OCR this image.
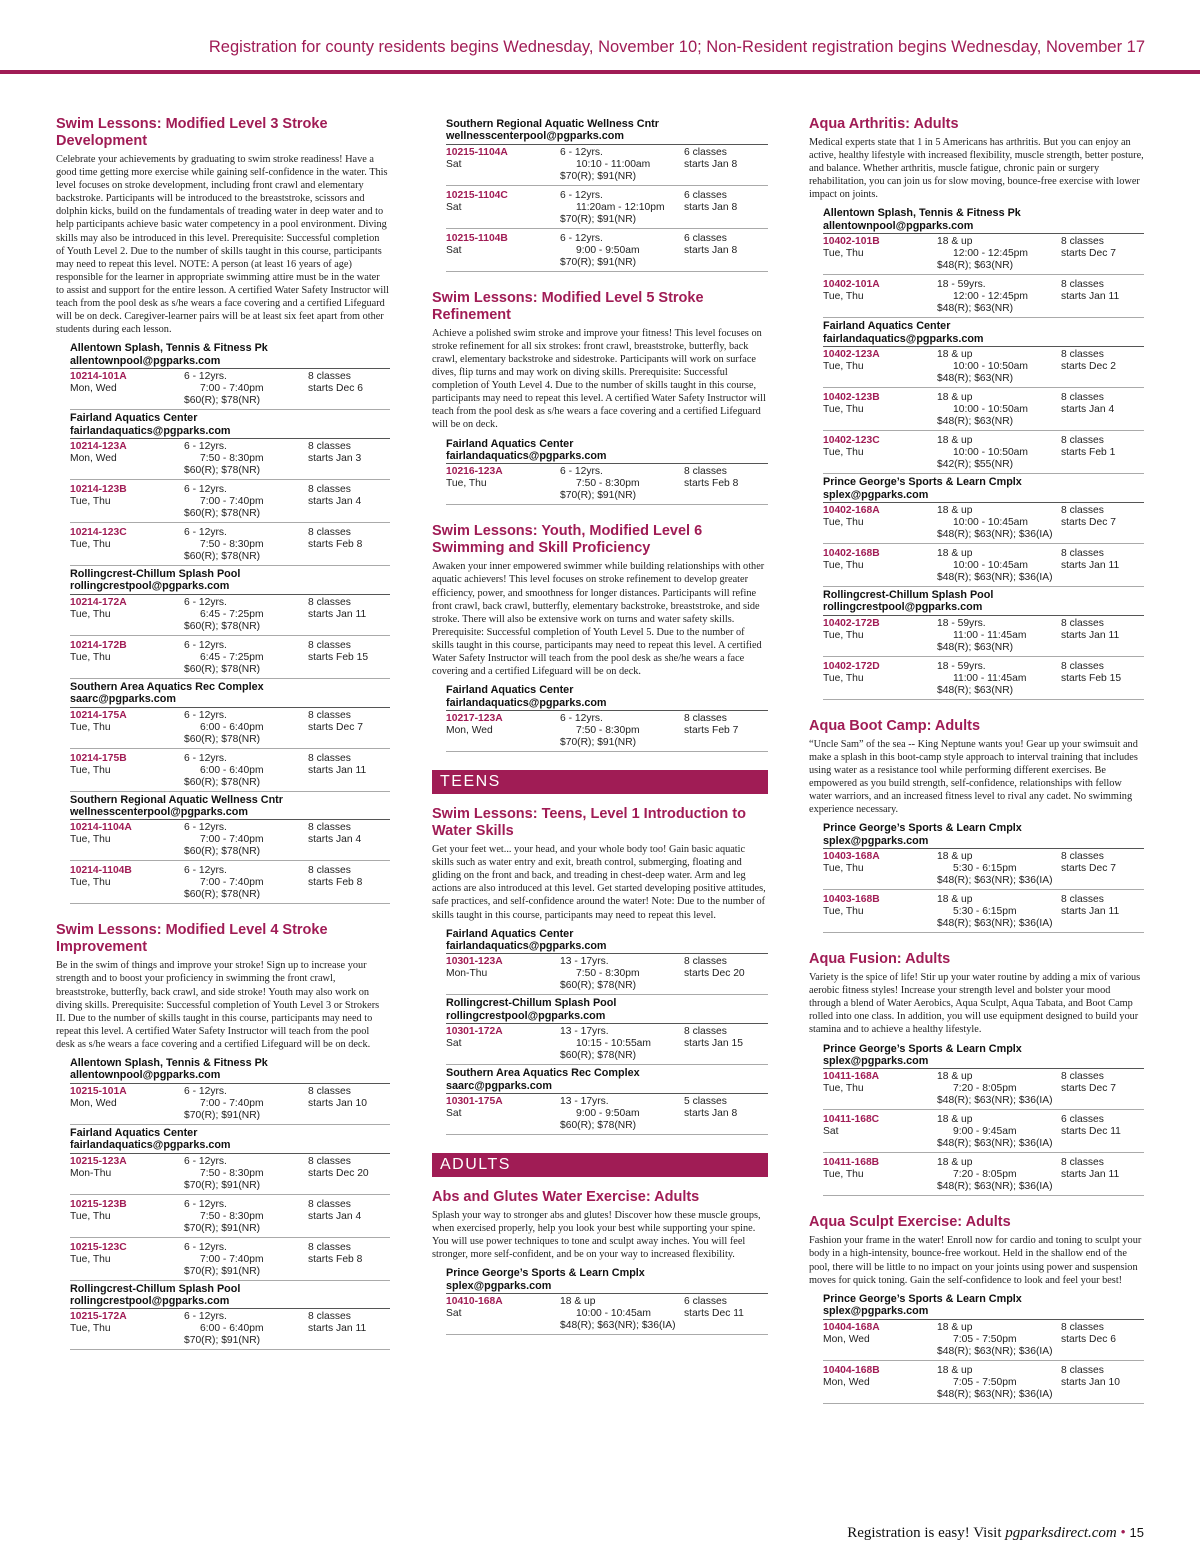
Registration for county residents begins Wednesday, November 10; Non-Resident registration begins Wednesday, November 17
Swim Lessons: Modified Level 3 Stroke Development

Celebrate your achievements by graduating to swim stroke readiness! Have a good time getting more exercise while gaining self-confidence in the water. This level focuses on stroke development, including front crawl and elementary backstroke. Participants will be introduced to the breaststroke, scissors and dolphin kicks, build on the fundamentals of treading water in deep water and to help participants achieve basic water competency in a pool environment. Diving skills may also be introduced in this level. Prerequisite: Successful completion of Youth Level 2. Due to the number of skills taught in this course, participants may need to repeat this level. NOTE: A person (at least 16 years of age) responsible for the learner in appropriate swimming attire must be in the water to assist and support for the entire lesson. A certified Water Safety Instructor will teach from the pool desk as s/he wears a face covering and a certified Lifeguard will be on deck. Caregiver-learner pairs will be at least six feet apart from other students during each lesson.

Allentown Splash, Tennis & Fitness Pk
allentownpool@pgparks.com
10214-101A
Mon, Wed
6 - 12yrs.
7:00 - 7:40pm
$60(R); $78(NR)
8 classes
starts Dec 6
Fairland Aquatics Center
fairlandaquatics@pgparks.com
10214-123A
Mon, Wed
6 - 12yrs.
7:50 - 8:30pm
$60(R); $78(NR)
8 classes
starts Jan 3
10214-123B
Tue, Thu
6 - 12yrs.
7:00 - 7:40pm
$60(R); $78(NR)
8 classes
starts Jan 4
10214-123C
Tue, Thu
6 - 12yrs.
7:50 - 8:30pm
$60(R); $78(NR)
8 classes
starts Feb 8
Rollingcrest-Chillum Splash Pool
rollingcrestpool@pgparks.com
10214-172A
Tue, Thu
6 - 12yrs.
6:45 - 7:25pm
$60(R); $78(NR)
8 classes
starts Jan 11
10214-172B
Tue, Thu
6 - 12yrs.
6:45 - 7:25pm
$60(R); $78(NR)
8 classes
starts Feb 15
Southern Area Aquatics Rec Complex
saarc@pgparks.com
10214-175A
Tue, Thu
6 - 12yrs.
6:00 - 6:40pm
$60(R); $78(NR)
8 classes
starts Dec 7
10214-175B
Tue, Thu
6 - 12yrs.
6:00 - 6:40pm
$60(R); $78(NR)
8 classes
starts Jan 11
Southern Regional Aquatic Wellness Cntr
wellnesscenterpool@pgparks.com
10214-1104A
Tue, Thu
6 - 12yrs.
7:00 - 7:40pm
$60(R); $78(NR)
8 classes
starts Jan 4
10214-1104B
Tue, Thu
6 - 12yrs.
7:00 - 7:40pm
$60(R); $78(NR)
8 classes
starts Feb 8
Swim Lessons: Modified Level 4 Stroke Improvement

Be in the swim of things and improve your stroke! Sign up to increase your strength and to boost your proficiency in swimming the front crawl, breaststroke, butterfly, back crawl, and side stroke! Youth may also work on diving skills. Prerequisite: Successful completion of Youth Level 3 or Strokers II. Due to the number of skills taught in this course, participants may need to repeat this level. A certified Water Safety Instructor will teach from the pool desk as s/he wears a face covering and a certified Lifeguard will be on deck.

Allentown Splash, Tennis & Fitness Pk
allentownpool@pgparks.com
10215-101A
Mon, Wed
6 - 12yrs.
7:00 - 7:40pm
$70(R); $91(NR)
8 classes
starts Jan 10
Fairland Aquatics Center
fairlandaquatics@pgparks.com
10215-123A
Mon-Thu
6 - 12yrs.
7:50 - 8:30pm
$70(R); $91(NR)
8 classes
starts Dec 20
10215-123B
Tue, Thu
6 - 12yrs.
7:50 - 8:30pm
$70(R); $91(NR)
8 classes
starts Jan 4
10215-123C
Tue, Thu
6 - 12yrs.
7:00 - 7:40pm
$70(R); $91(NR)
8 classes
starts Feb 8
Rollingcrest-Chillum Splash Pool
rollingcrestpool@pgparks.com
10215-172A
Tue, Thu
6 - 12yrs.
6:00 - 6:40pm
$70(R); $91(NR)
8 classes
starts Jan 11
Southern Regional Aquatic Wellness Cntr
wellnesscenterpool@pgparks.com
10215-1104A
Sat
6 - 12yrs.
10:10 - 11:00am
$70(R); $91(NR)
6 classes
starts Jan 8
10215-1104C
Sat
6 - 12yrs.
11:20am - 12:10pm
$70(R); $91(NR)
6 classes
starts Jan 8
10215-1104B
Sat
6 - 12yrs.
9:00 - 9:50am
$70(R); $91(NR)
6 classes
starts Jan 8
Swim Lessons: Modified Level 5 Stroke Refinement

Achieve a polished swim stroke and improve your fitness! This level focuses on stroke refinement for all six strokes: front crawl, breaststroke, butterfly, back crawl, elementary backstroke and sidestroke. Participants will work on surface dives, flip turns and may work on diving skills. Prerequisite: Successful completion of Youth Level 4. Due to the number of skills taught in this course, participants may need to repeat this level. A certified Water Safety Instructor will teach from the pool desk as s/he wears a face covering and a certified Lifeguard will be on deck.

Fairland Aquatics Center
fairlandaquatics@pgparks.com
10216-123A
Tue, Thu
6 - 12yrs.
7:50 - 8:30pm
$70(R); $91(NR)
8 classes
starts Feb 8
Swim Lessons: Youth, Modified Level 6 Swimming and Skill Proficiency

Awaken your inner empowered swimmer while building relationships with other aquatic achievers! This level focuses on stroke refinement to develop greater efficiency, power, and smoothness for longer distances. Participants will refine front crawl, back crawl, butterfly, elementary backstroke, breaststroke, and side stroke. There will also be extensive work on turns and water safety skills. Prerequisite: Successful completion of Youth Level 5. Due to the number of skills taught in this course, participants may need to repeat this level. A certified Water Safety Instructor will teach from the pool desk as she/he wears a face covering and a certified Lifeguard will be on deck.

Fairland Aquatics Center
fairlandaquatics@pgparks.com
10217-123A
Mon, Wed
6 - 12yrs.
7:50 - 8:30pm
$70(R); $91(NR)
8 classes
starts Feb 7
TEENS
Swim Lessons: Teens, Level 1 Introduction to Water Skills

Get your feet wet... your head, and your whole body too! Gain basic aquatic skills such as water entry and exit, breath control, submerging, floating and gliding on the front and back, and treading in chest-deep water. Arm and leg actions are also introduced at this level. Get started developing positive attitudes, safe practices, and self-confidence around the water! Note: Due to the number of skills taught in this course, participants may need to repeat this level.

Fairland Aquatics Center
fairlandaquatics@pgparks.com
10301-123A
Mon-Thu
13 - 17yrs.
7:50 - 8:30pm
$60(R); $78(NR)
8 classes
starts Dec 20
Rollingcrest-Chillum Splash Pool
rollingcrestpool@pgparks.com
10301-172A
Sat
13 - 17yrs.
10:15 - 10:55am
$60(R); $78(NR)
8 classes
starts Jan 15
Southern Area Aquatics Rec Complex
saarc@pgparks.com
10301-175A
Sat
13 - 17yrs.
9:00 - 9:50am
$60(R); $78(NR)
5 classes
starts Jan 8
ADULTS
Abs and Glutes Water Exercise: Adults

Splash your way to stronger abs and glutes! Discover how these muscle groups, when exercised properly, help you look your best while supporting your spine. You will use power techniques to tone and sculpt away inches. You will feel stronger, more self-confident, and be on your way to increased flexibility.

Prince George’s Sports & Learn Cmplx
splex@pgparks.com
10410-168A
Sat
18 & up
10:00 - 10:45am
$48(R); $63(NR); $36(IA)
6 classes
starts Dec 11
Aqua Arthritis: Adults

Medical experts state that 1 in 5 Americans has arthritis. But you can enjoy an active, healthy lifestyle with increased flexibility, muscle strength, better posture, and balance. Whether arthritis, muscle fatigue, chronic pain or surgery rehabilitation, you can join us for slow moving, bounce-free exercise with lower impact on joints.

Allentown Splash, Tennis & Fitness Pk
allentownpool@pgparks.com
10402-101B
Tue, Thu
18 & up
12:00 - 12:45pm
$48(R); $63(NR)
8 classes
starts Dec 7
10402-101A
Tue, Thu
18 - 59yrs.
12:00 - 12:45pm
$48(R); $63(NR)
8 classes
starts Jan 11
Fairland Aquatics Center
fairlandaquatics@pgparks.com
10402-123A
Tue, Thu
18 & up
10:00 - 10:50am
$48(R); $63(NR)
8 classes
starts Dec 2
10402-123B
Tue, Thu
18 & up
10:00 - 10:50am
$48(R); $63(NR)
8 classes
starts Jan 4
10402-123C
Tue, Thu
18 & up
10:00 - 10:50am
$42(R); $55(NR)
8 classes
starts Feb 1
Prince George’s Sports & Learn Cmplx
splex@pgparks.com
10402-168A
Tue, Thu
18 & up
10:00 - 10:45am
$48(R); $63(NR); $36(IA)
8 classes
starts Dec 7
10402-168B
Tue, Thu
18 & up
10:00 - 10:45am
$48(R); $63(NR); $36(IA)
8 classes
starts Jan 11
Rollingcrest-Chillum Splash Pool
rollingcrestpool@pgparks.com
10402-172B
Tue, Thu
18 - 59yrs.
11:00 - 11:45am
$48(R); $63(NR)
8 classes
starts Jan 11
10402-172D
Tue, Thu
18 - 59yrs.
11:00 - 11:45am
$48(R); $63(NR)
8 classes
starts Feb 15
Aqua Boot Camp: Adults

“Uncle Sam” of the sea -- King Neptune wants you! Gear up your swimsuit and make a splash in this boot-camp style approach to interval training that includes using water as a resistance tool while performing different exercises. Be empowered as you build strength, self-confidence, relationships with fellow water warriors, and an increased fitness level to rival any cadet. No swimming experience necessary.

Prince George’s Sports & Learn Cmplx
splex@pgparks.com
10403-168A
Tue, Thu
18 & up
5:30 - 6:15pm
$48(R); $63(NR); $36(IA)
8 classes
starts Dec 7
10403-168B
Tue, Thu
18 & up
5:30 - 6:15pm
$48(R); $63(NR); $36(IA)
8 classes
starts Jan 11
Aqua Fusion: Adults

Variety is the spice of life! Stir up your water routine by adding a mix of various aerobic fitness styles! Increase your strength level and bolster your mood through a blend of Water Aerobics, Aqua Sculpt, Aqua Tabata, and Boot Camp rolled into one class. In addition, you will use equipment designed to build your stamina and to achieve a healthy lifestyle.

Prince George’s Sports & Learn Cmplx
splex@pgparks.com
10411-168A
Tue, Thu
18 & up
7:20 - 8:05pm
$48(R); $63(NR); $36(IA)
8 classes
starts Dec 7
10411-168C
Sat
18 & up
9:00 - 9:45am
$48(R); $63(NR); $36(IA)
6 classes
starts Dec 11
10411-168B
Tue, Thu
18 & up
7:20 - 8:05pm
$48(R); $63(NR); $36(IA)
8 classes
starts Jan 11
Aqua Sculpt Exercise: Adults

Fashion your frame in the water! Enroll now for cardio and toning to sculpt your body in a high-intensity, bounce-free workout. Held in the shallow end of the pool, there will be little to no impact on your joints using power and suspension moves for quick toning. Gain the self-confidence to look and feel your best!

Prince George’s Sports & Learn Cmplx
splex@pgparks.com
10404-168A
Mon, Wed
18 & up
7:05 - 7:50pm
$48(R); $63(NR); $36(IA)
8 classes
starts Dec 6
10404-168B
Mon, Wed
18 & up
7:05 - 7:50pm
$48(R); $63(NR); $36(IA)
8 classes
starts Jan 10
Registration is easy! Visit pgparksdirect.com • 15
